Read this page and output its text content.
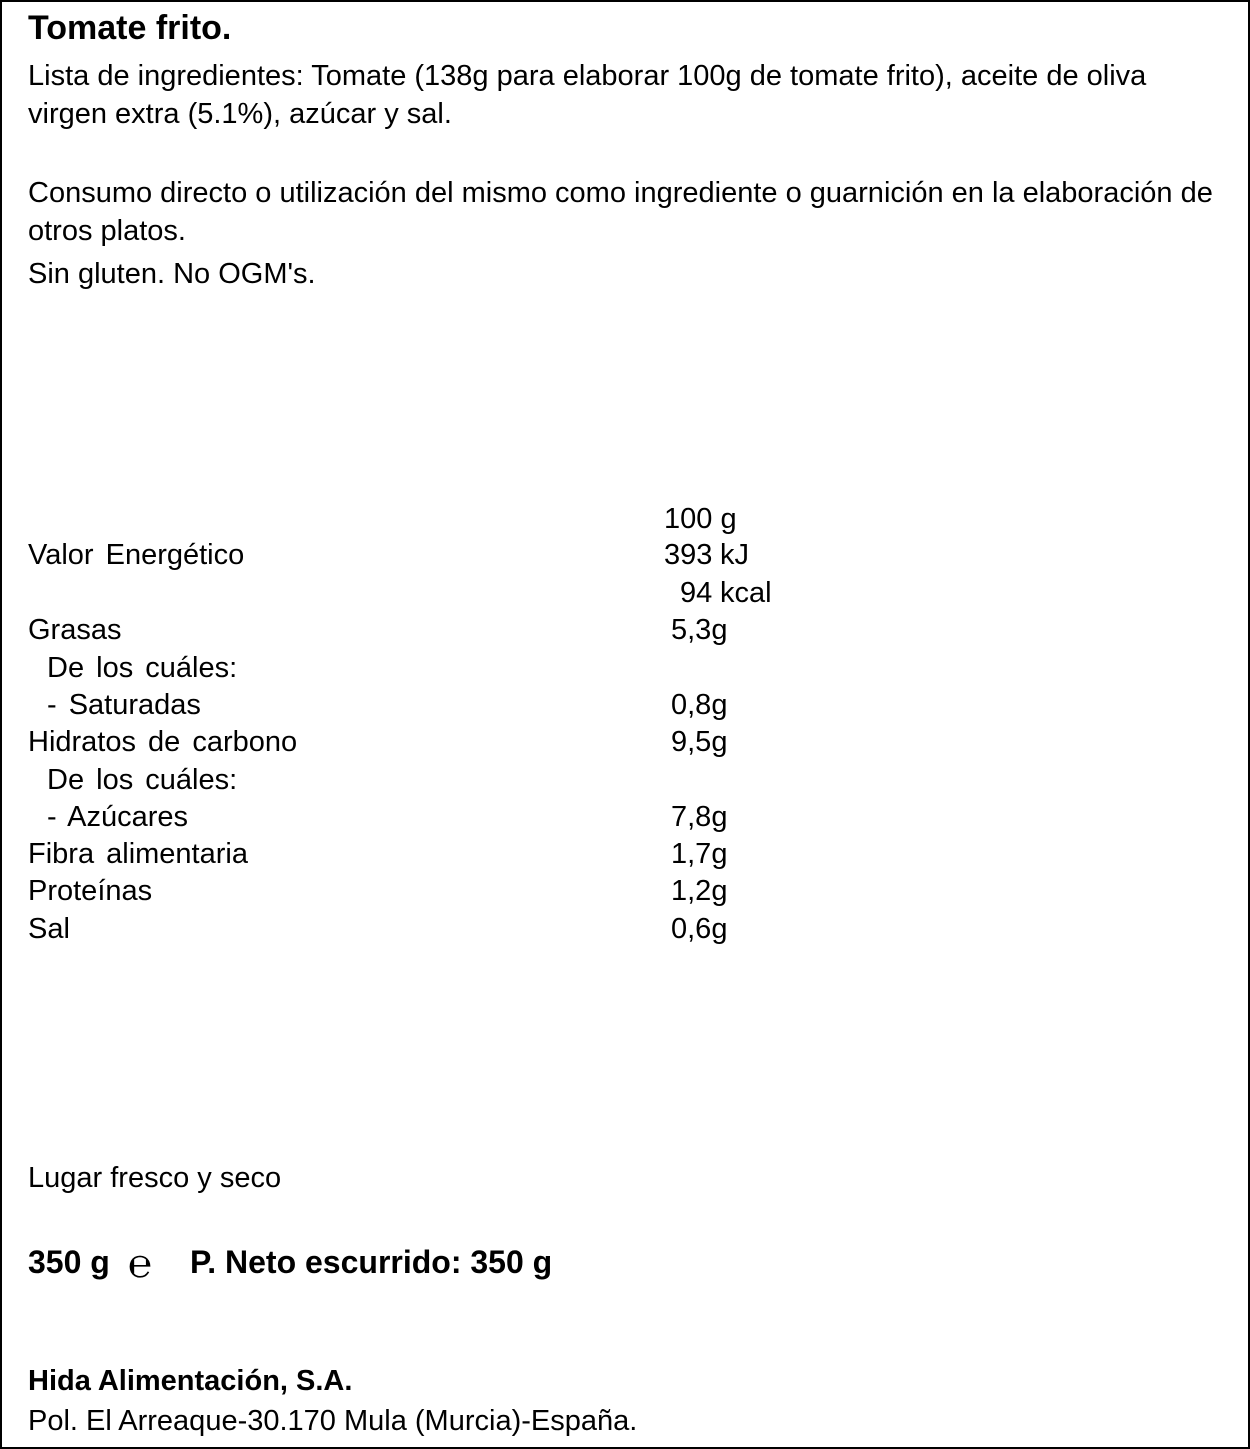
Tomate frito.
Lista de ingredientes: Tomate (138g para elaborar 100g de tomate frito), aceite de oliva virgen extra (5.1%), azúcar y sal.
Consumo directo o utilización del mismo como ingrediente o guarnición en la elaboración de otros platos.
Sin gluten. No OGM's.
100 g
Valor Energético	393 kJ
94 kcal
Grasas	5,3g
De los cuáles:
- Saturadas	0,8g
Hidratos de carbono	9,5g
De los cuáles:
- Azúcares	7,8g
Fibra alimentaria	1,7g
Proteínas	1,2g
Sal	0,6g
Lugar fresco y seco
350 g ℮ P. Neto escurrido: 350 g
Hida Alimentación, S.A.
Pol. El Arreaque-30.170 Mula (Murcia)-España.
